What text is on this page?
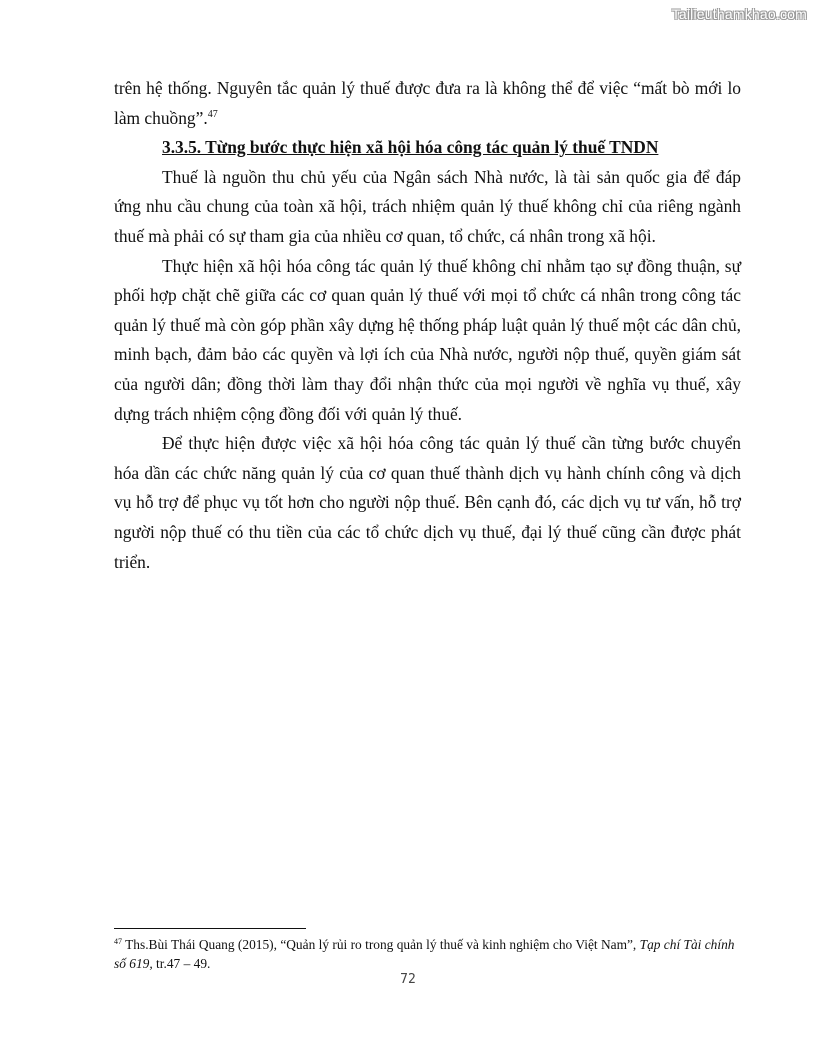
Tailieuthamkhao.com

trên hệ thống. Nguyên tắc quản lý thuế được đưa ra là không thể để việc “mất bò mới lo làm chuồng”.$^{47}$

3.3.5. Từng bước thực hiện xã hội hóa công tác quản lý thuế TNDN

Thuế là nguồn thu chủ yếu của Ngân sách Nhà nước, là tài sản quốc gia để đáp ứng nhu cầu chung của toàn xã hội, trách nhiệm quản lý thuế không chỉ của riêng ngành thuế mà phải có sự tham gia của nhiều cơ quan, tổ chức, cá nhân trong xã hội.

Thực hiện xã hội hóa công tác quản lý thuế không chỉ nhằm tạo sự đồng thuận, sự phối hợp chặt chẽ giữa các cơ quan quản lý thuế với mọi tổ chức cá nhân trong công tác quản lý thuế mà còn góp phần xây dựng hệ thống pháp luật quản lý thuế một các dân chủ, minh bạch, đảm bảo các quyền và lợi ích của Nhà nước, người nộp thuế, quyền giám sát của người dân; đồng thời làm thay đổi nhận thức của mọi người về nghĩa vụ thuế, xây dựng trách nhiệm cộng đồng đối với quản lý thuế.

Để thực hiện được việc xã hội hóa công tác quản lý thuế cần từng bước chuyển hóa dần các chức năng quản lý của cơ quan thuế thành dịch vụ hành chính công và dịch vụ hỗ trợ để phục vụ tốt hơn cho người nộp thuế. Bên cạnh đó, các dịch vụ tư vấn, hỗ trợ người nộp thuế có thu tiền của các tổ chức dịch vụ thuế, đại lý thuế cũng cần được phát triển.

$^{47}$ Ths.Bùi Thái Quang (2015), “Quản lý rủi ro trong quản lý thuế và kinh nghiệm cho Việt Nam”, Tạp chí Tài chính số 619, tr.47 – 49.
72
